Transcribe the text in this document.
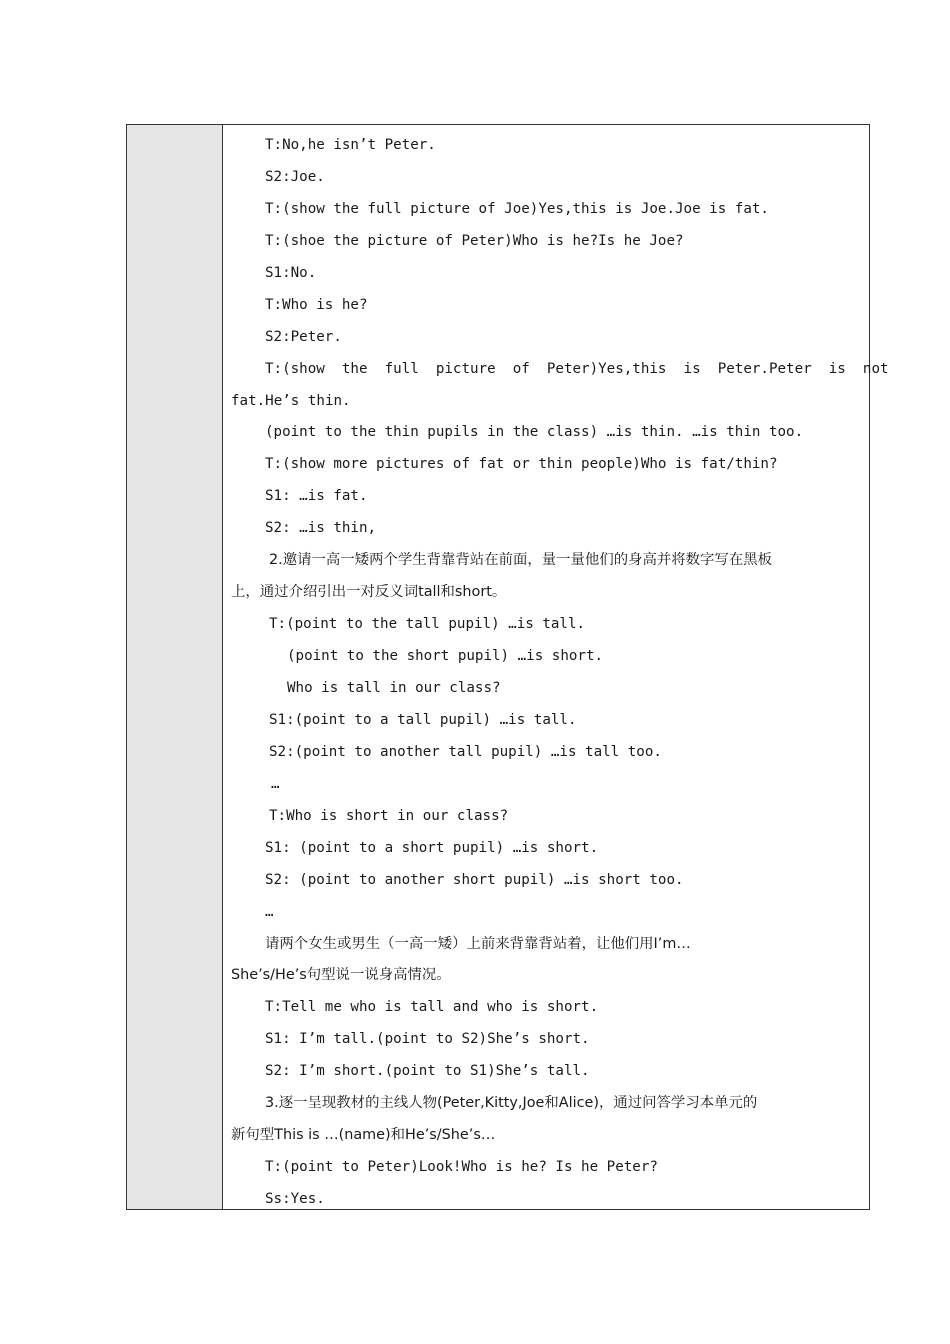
T:No,he isn’t Peter.
S2:Joe.
T:(show the full picture of Joe)Yes,this is Joe.Joe is fat.
T:(shoe the picture of Peter)Who is he?Is he Joe?
S1:No.
T:Who is he?
S2:Peter.
T:(show  the  full  picture  of  Peter)Yes,this  is  Peter.Peter  is  not
fat.He’s thin.
(point to the thin pupils in the class) …is thin. …is thin too.
T:(show more pictures of fat or thin people)Who is fat/thin?
S1: …is fat.
S2: …is thin,
2.邀请一高一矮两个学生背靠背站在前面，量一量他们的身高并将数字写在黑板
上，通过介绍引出一对反义词tall和short。
T:(point to the tall pupil) …is tall.
(point to the short pupil) …is short.
Who is tall in our class?
S1:(point to a tall pupil) …is tall.
S2:(point to another tall pupil) …is tall too.
…
T:Who is short in our class?
S1: (point to a short pupil) …is short.
S2: (point to another short pupil) …is short too.
…
请两个女生或男生（一高一矮）上前来背靠背站着，让他们用I’m…
She’s/He’s句型说一说身高情况。
T:Tell me who is tall and who is short.
S1: I’m tall.(point to S2)She’s short.
S2: I’m short.(point to S1)She’s tall.
3.逐一呈现教材的主线人物(Peter,Kitty,Joe和Alice)，通过问答学习本单元的
新句型This is …(name)和He’s/She’s…
T:(point to Peter)Look!Who is he? Is he Peter?
Ss:Yes.
